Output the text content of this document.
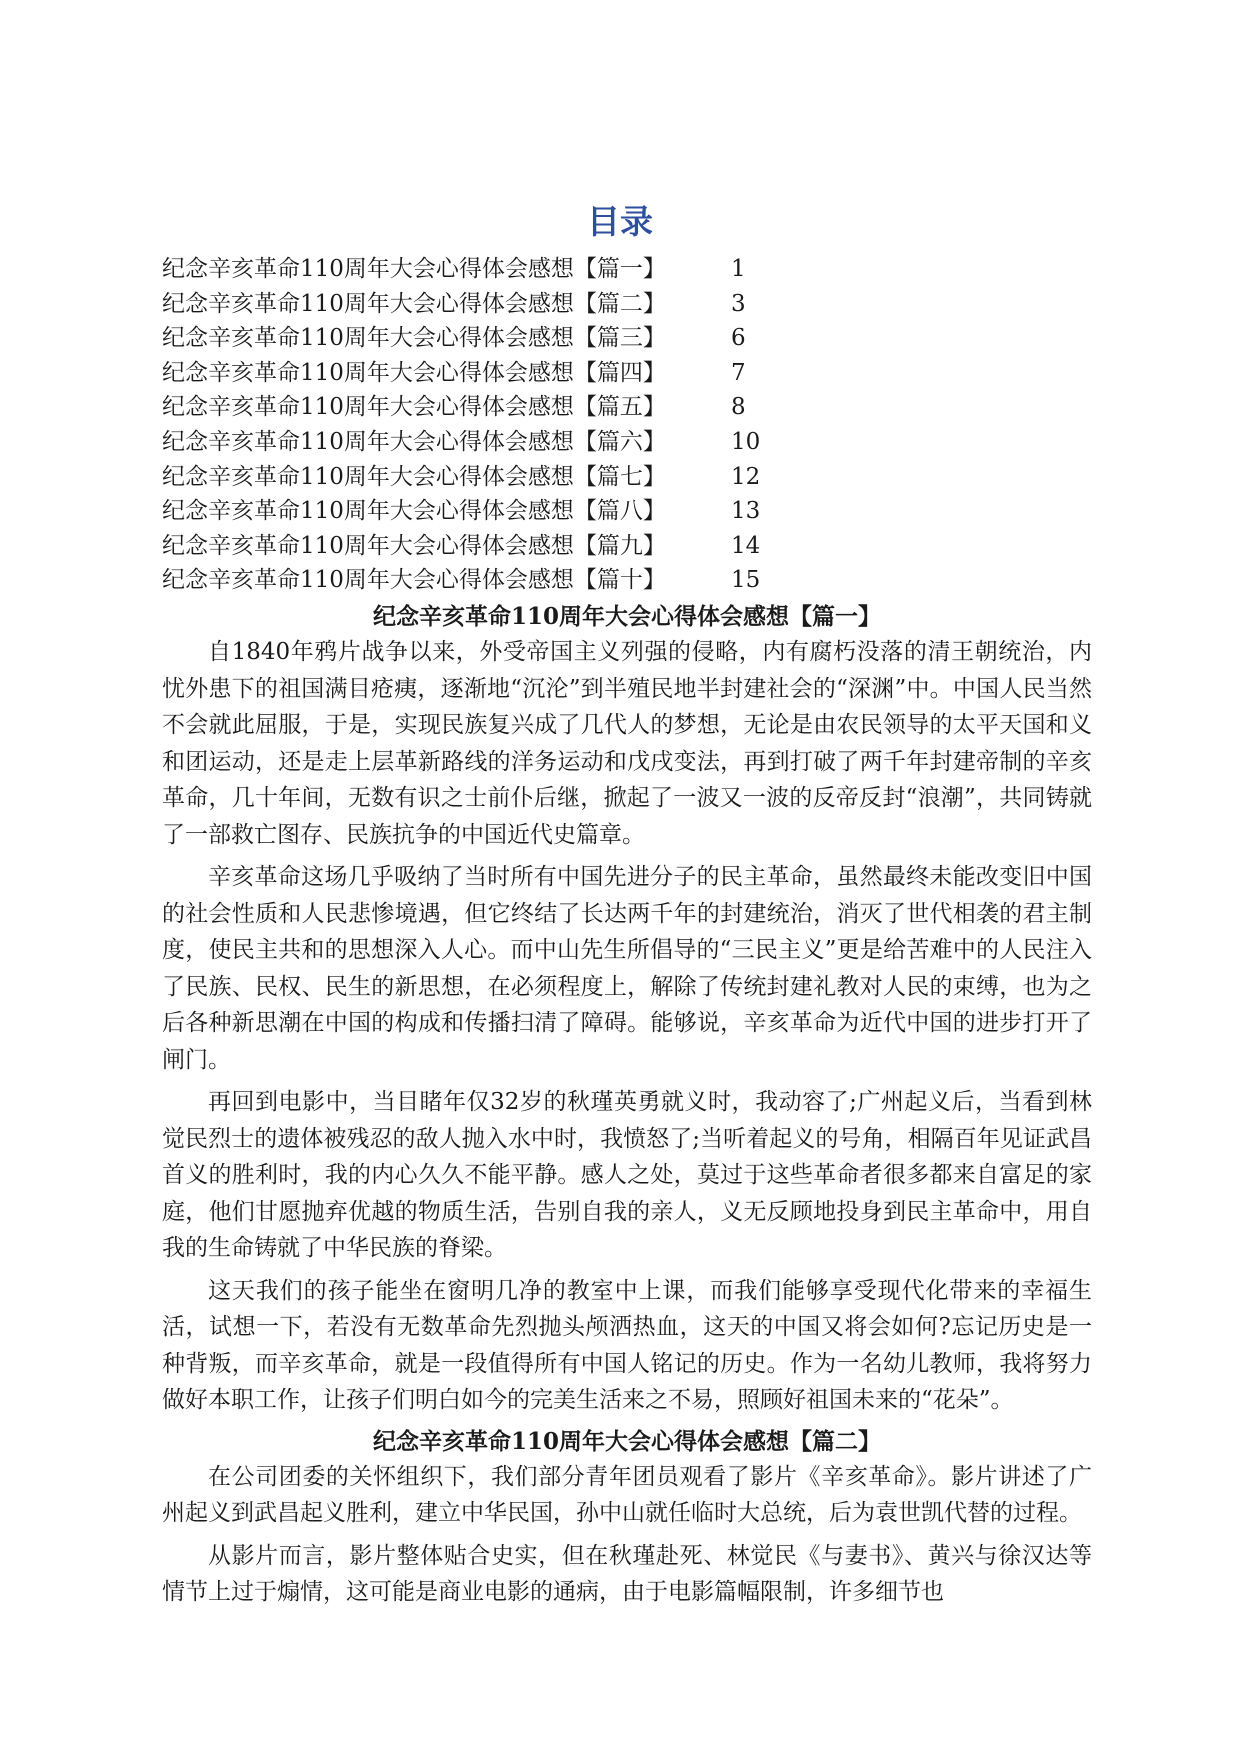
目录
纪念辛亥革命110周年大会心得体会感想【篇一】	1
纪念辛亥革命110周年大会心得体会感想【篇二】	3
纪念辛亥革命110周年大会心得体会感想【篇三】	6
纪念辛亥革命110周年大会心得体会感想【篇四】	7
纪念辛亥革命110周年大会心得体会感想【篇五】	8
纪念辛亥革命110周年大会心得体会感想【篇六】	10
纪念辛亥革命110周年大会心得体会感想【篇七】	12
纪念辛亥革命110周年大会心得体会感想【篇八】	13
纪念辛亥革命110周年大会心得体会感想【篇九】	14
纪念辛亥革命110周年大会心得体会感想【篇十】	15
纪念辛亥革命110周年大会心得体会感想【篇一】

自1840年鸦片战争以来，外受帝国主义列强的侵略，内有腐朽没落的清王朝统治，内忧外患下的祖国满目疮痍，逐渐地“沉沦”到半殖民地半封建社会的“深渊”中。中国人民当然不会就此屈服，于是，实现民族复兴成了几代人的梦想，无论是由农民领导的太平天国和义和团运动，还是走上层革新路线的洋务运动和戊戌变法，再到打破了两千年封建帝制的辛亥革命，几十年间，无数有识之士前仆后继，掀起了一波又一波的反帝反封“浪潮”，共同铸就了一部救亡图存、民族抗争的中国近代史篇章。

辛亥革命这场几乎吸纳了当时所有中国先进分子的民主革命，虽然最终未能改变旧中国的社会性质和人民悲惨境遇，但它终结了长达两千年的封建统治，消灭了世代相袭的君主制度，使民主共和的思想深入人心。而中山先生所倡导的“三民主义”更是给苦难中的人民注入了民族、民权、民生的新思想，在必须程度上，解除了传统封建礼教对人民的束缚，也为之后各种新思潮在中国的构成和传播扫清了障碍。能够说，辛亥革命为近代中国的进步打开了闸门。

再回到电影中，当目睹年仅32岁的秋瑾英勇就义时，我动容了;广州起义后，当看到林觉民烈士的遗体被残忍的敌人抛入水中时，我愤怒了;当听着起义的号角，相隔百年见证武昌首义的胜利时，我的内心久久不能平静。感人之处，莫过于这些革命者很多都来自富足的家庭，他们甘愿抛弃优越的物质生活，告别自我的亲人，义无反顾地投身到民主革命中，用自我的生命铸就了中华民族的脊梁。

这天我们的孩子能坐在窗明几净的教室中上课，而我们能够享受现代化带来的幸福生活，试想一下，若没有无数革命先烈抛头颅洒热血，这天的中国又将会如何?忘记历史是一种背叛，而辛亥革命，就是一段值得所有中国人铭记的历史。作为一名幼儿教师，我将努力做好本职工作，让孩子们明白如今的完美生活来之不易，照顾好祖国未来的“花朵”。

纪念辛亥革命110周年大会心得体会感想【篇二】

在公司团委的关怀组织下，我们部分青年团员观看了影片《辛亥革命》。影片讲述了广州起义到武昌起义胜利，建立中华民国，孙中山就任临时大总统，后为袁世凯代替的过程。

从影片而言，影片整体贴合史实，但在秋瑾赴死、林觉民《与妻书》、黄兴与徐汉达等情节上过于煽情，这可能是商业电影的通病，由于电影篇幅限制，许多细节也
